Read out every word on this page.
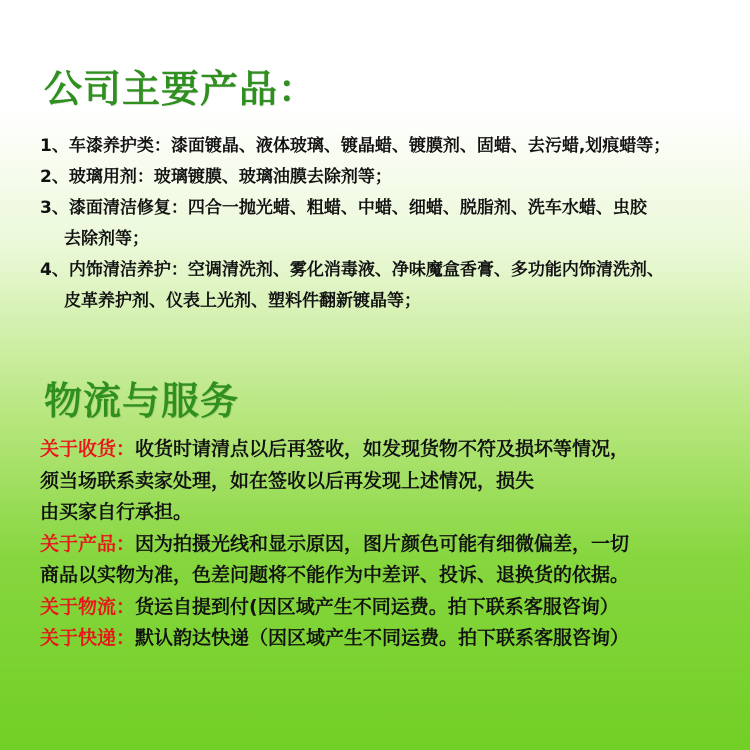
公司主要产品：
1、车漆养护类：漆面镀晶、液体玻璃、镀晶蜡、镀膜剂、固蜡、去污蜡,划痕蜡等；
2、玻璃用剂：玻璃镀膜、玻璃油膜去除剂等；
3、漆面清洁修复：四合一抛光蜡、粗蜡、中蜡、细蜡、脱脂剂、洗车水蜡、虫胶
去除剂等；
4、内饰清洁养护：空调清洗剂、雾化消毒液、净味魔盒香膏、多功能内饰清洗剂、
皮革养护剂、仪表上光剂、塑料件翻新镀晶等；
物流与服务
关于收货：收货时请清点以后再签收，如发现货物不符及损坏等情况，
须当场联系卖家处理，如在签收以后再发现上述情况，损失
由买家自行承担。
关于产品：因为拍摄光线和显示原因，图片颜色可能有细微偏差，一切
商品以实物为准，色差问题将不能作为中差评、投诉、退换货的依据。
关于物流：货运自提到付(因区域产生不同运费。拍下联系客服咨询）
关于快递：默认韵达快递（因区域产生不同运费。拍下联系客服咨询）
